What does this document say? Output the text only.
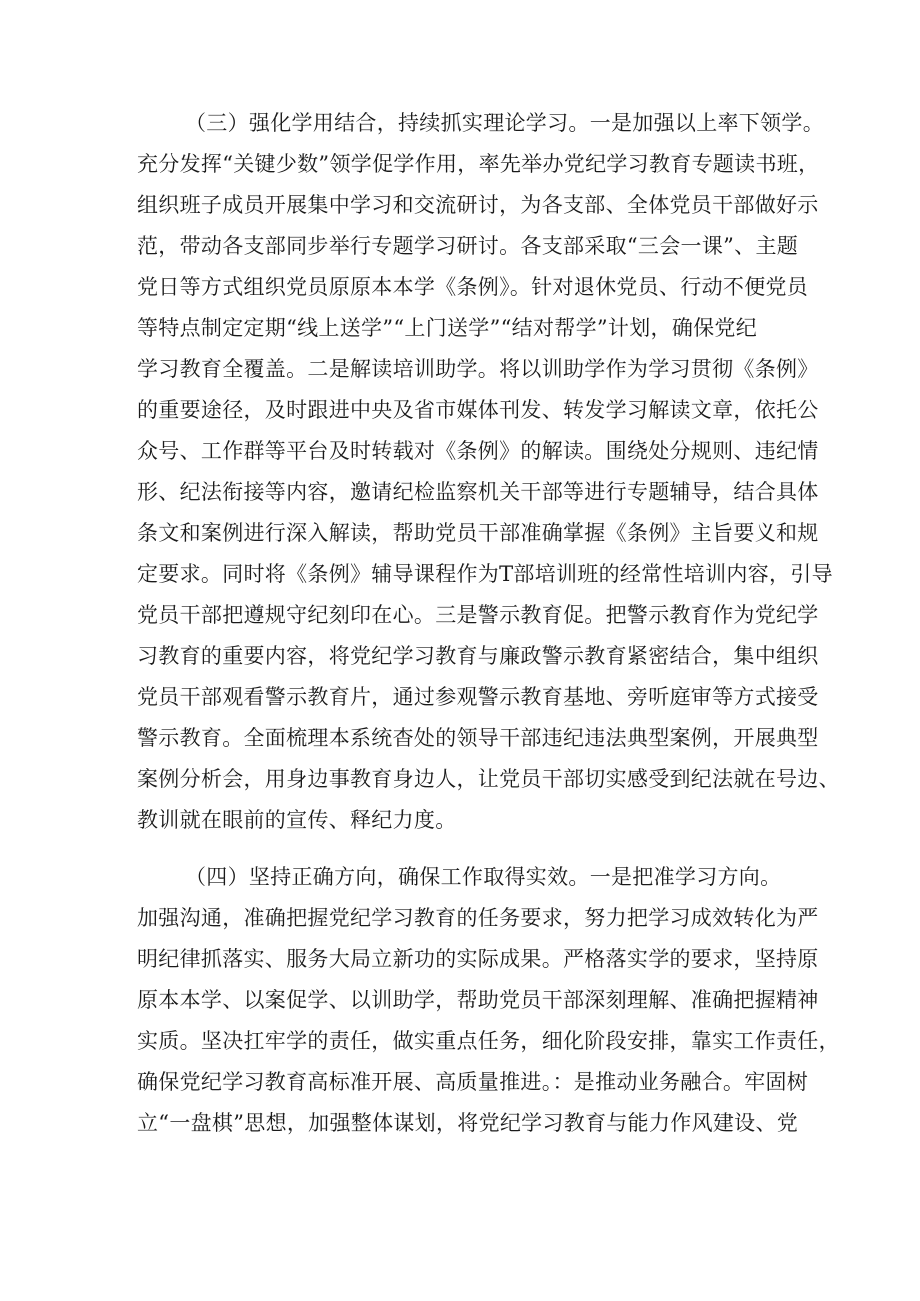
（三）强化学用结合，持续抓实理论学习。一是加强以上率下领学。
充分发挥“关键少数”领学促学作用，率先举办党纪学习教育专题读书班，
组织班子成员开展集中学习和交流研讨，为各支部、全体党员干部做好示
范，带动各支部同步举行专题学习研讨。各支部采取“三会一课”、主题
党日等方式组织党员原原本本学《条例》。针对退休党员、行动不便党员
等特点制定定期“线上送学”“上门送学”“结对帮学”计划，确保党纪
学习教育全覆盖。二是解读培训助学。将以训助学作为学习贯彻《条例》
的重要途径，及时跟进中央及省市媒体刊发、转发学习解读文章，依托公
众号、工作群等平台及时转载对《条例》的解读。围绕处分规则、违纪情
形、纪法衔接等内容，邀请纪检监察机关干部等进行专题辅导，结合具体
条文和案例进行深入解读，帮助党员干部准确掌握《条例》主旨要义和规
定要求。同时将《条例》辅导课程作为T部培训班的经常性培训内容，引导
党员干部把遵规守纪刻印在心。三是警示教育促。把警示教育作为党纪学
习教育的重要内容，将党纪学习教育与廉政警示教育紧密结合，集中组织
党员干部观看警示教育片，通过参观警示教育基地、旁听庭审等方式接受
警示教育。全面梳理本系统杳处的领导干部违纪违法典型案例，开展典型
案例分析会，用身边事教育身边人，让党员干部切实感受到纪法就在号边、
教训就在眼前的宣传、释纪力度。
（四）坚持正确方向，确保工作取得实效。一是把准学习方向。
加强沟通，准确把握党纪学习教育的任务要求，努力把学习成效转化为严
明纪律抓落实、服务大局立新功的实际成果。严格落实学的要求，坚持原
原本本学、以案促学、以训助学，帮助党员干部深刻理解、准确把握精神
实质。坚决扛牢学的责任，做实重点任务，细化阶段安排，靠实工作责任，
确保党纪学习教育高标准开展、高质量推进。：是推动业务融合。牢固树
立“一盘棋”思想，加强整体谋划，将党纪学习教育与能力作风建设、党
